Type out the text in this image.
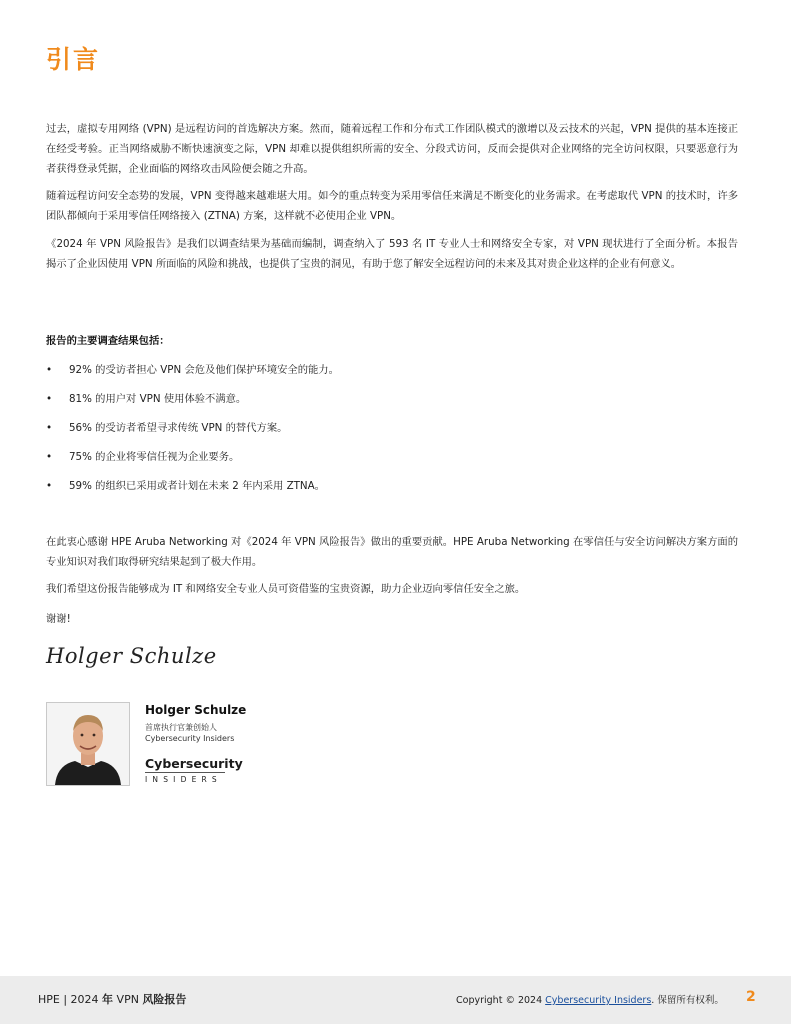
引言

过去，虚拟专用网络 (VPN) 是远程访问的首选解决方案。然而，随着远程工作和分布式工作团队模式的激增以及云技术的兴起，VPN 提供的基本连接正在经受考验。正当网络威胁不断快速演变之际，VPN 却难以提供组织所需的安全、分段式访问，反而会提供对企业网络的完全访问权限，只要恶意行为者获得登录凭据，企业面临的网络攻击风险便会随之升高。

随着远程访问安全态势的发展，VPN 变得越来越难堪大用。如今的重点转变为采用零信任来满足不断变化的业务需求。在考虑取代 VPN 的技术时，许多团队都倾向于采用零信任网络接入 (ZTNA) 方案，这样就不必使用企业 VPN。

《2024 年 VPN 风险报告》是我们以调查结果为基础而编制，调查纳入了 593 名 IT 专业人士和网络安全专家，对 VPN 现状进行了全面分析。本报告揭示了企业因使用 VPN 所面临的风险和挑战，也提供了宝贵的洞见，有助于您了解安全远程访问的未来及其对贵企业这样的企业有何意义。

报告的主要调查结果包括：
• 92% 的受访者担心 VPN 会危及他们保护环境安全的能力。
• 81% 的用户对 VPN 使用体验不满意。
• 56% 的受访者希望寻求传统 VPN 的替代方案。
• 75% 的企业将零信任视为企业要务。
• 59% 的组织已采用或者计划在未来 2 年内采用 ZTNA。

在此衷心感谢 HPE Aruba Networking 对《2024 年 VPN 风险报告》做出的重要贡献。HPE Aruba Networking 在零信任与安全访问解决方案方面的专业知识对我们取得研究结果起到了极大作用。

我们希望这份报告能够成为 IT 和网络安全专业人员可资借鉴的宝贵资源，助力企业迈向零信任安全之旅。

谢谢!

Holger Schulze
Holger Schulze
首席执行官兼创始人
Cybersecurity Insiders
Cybersecurity
INSIDERS
HPE | 2024 年 VPN 风险报告	Copyright © 2024 Cybersecurity Insiders. 保留所有权利。 2
